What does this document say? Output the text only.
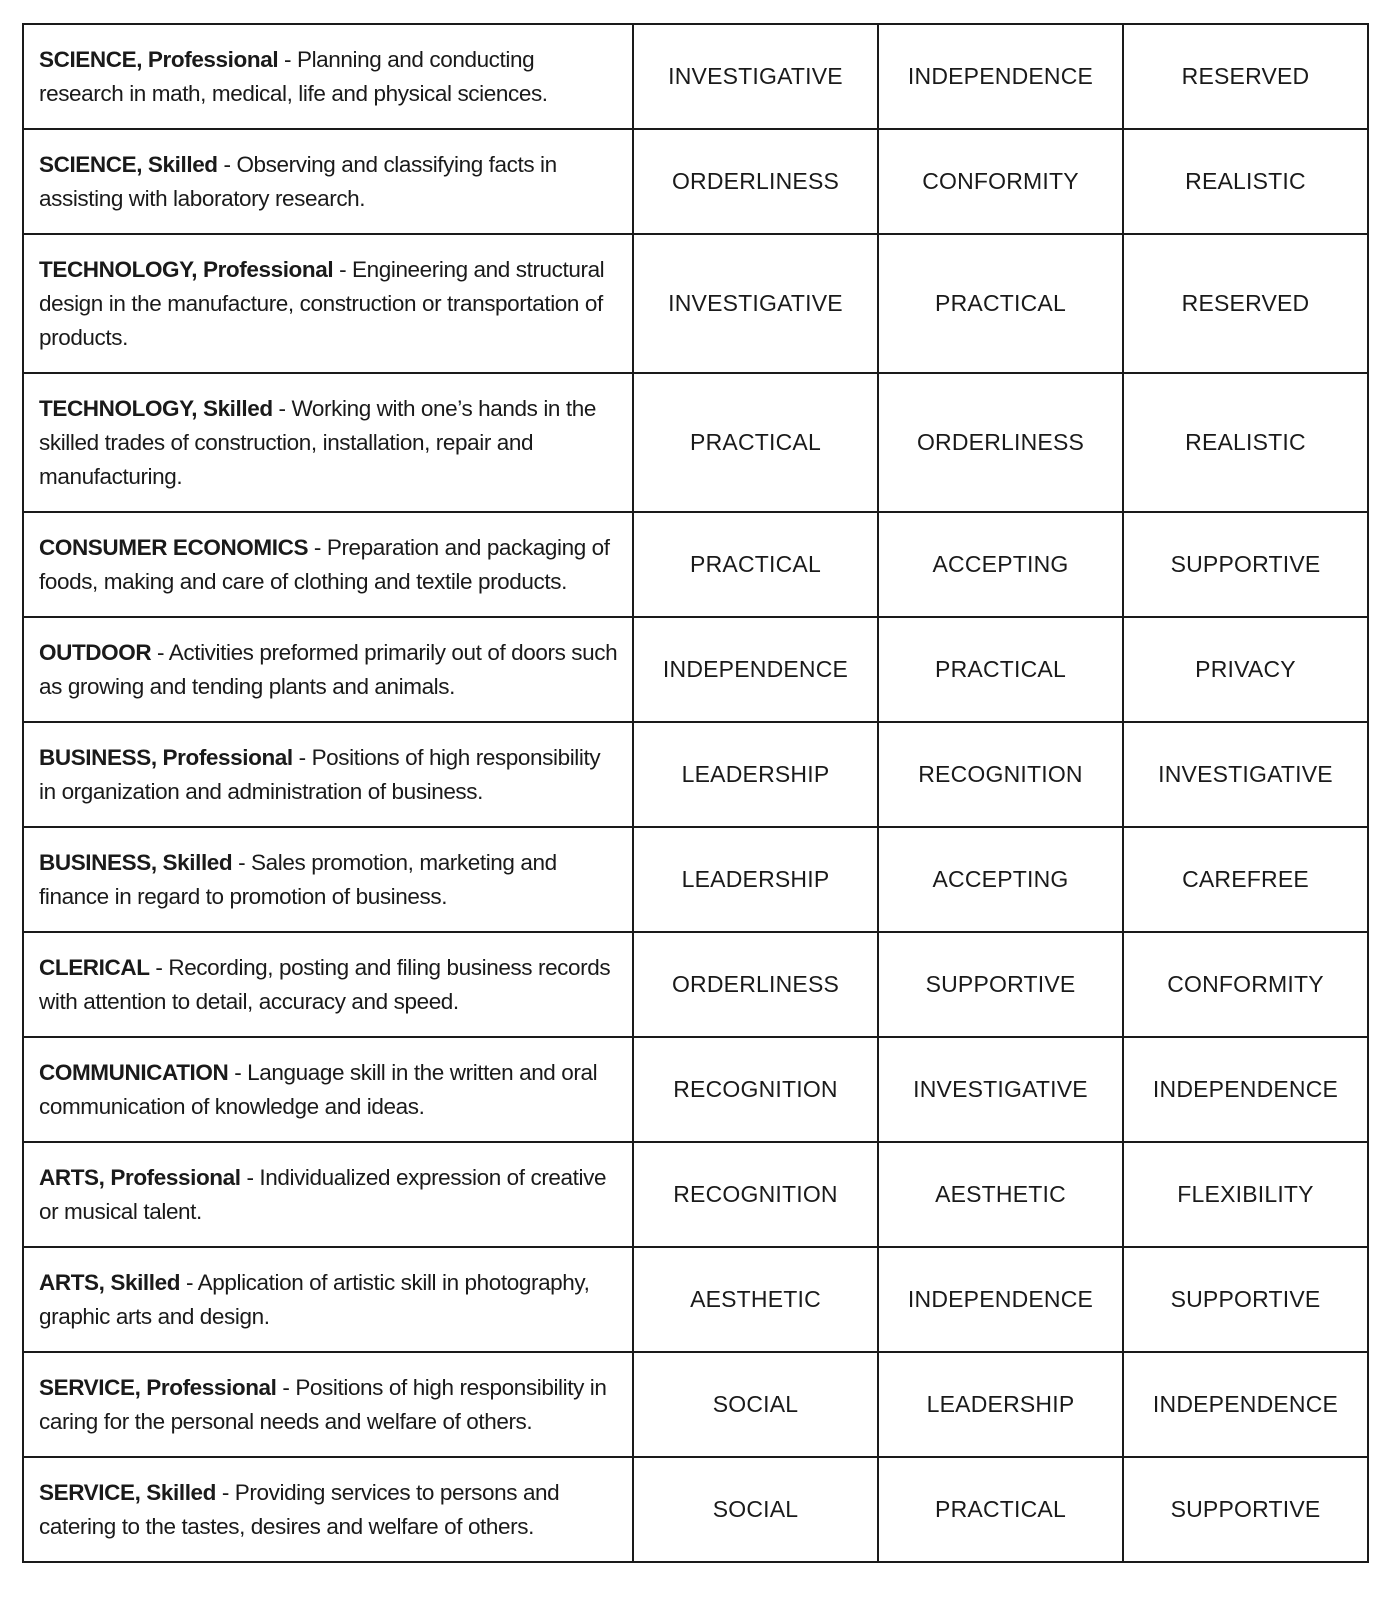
SCIENCE, Professional - Planning and conducting research in math, medical, life and physical sciences.	INVESTIGATIVE	INDEPENDENCE	RESERVED
SCIENCE, Skilled - Observing and classifying facts in assisting with laboratory research.	ORDERLINESS	CONFORMITY	REALISTIC
TECHNOLOGY, Professional - Engineering and structural design in the manufacture, construction or transportation of products.	INVESTIGATIVE	PRACTICAL	RESERVED
TECHNOLOGY, Skilled - Working with one’s hands in the skilled trades of construction, installation, repair and manufacturing.	PRACTICAL	ORDERLINESS	REALISTIC
CONSUMER ECONOMICS - Preparation and packaging of foods, making and care of clothing and textile products.	PRACTICAL	ACCEPTING	SUPPORTIVE
OUTDOOR - Activities preformed primarily out of doors such as growing and tending plants and animals.	INDEPENDENCE	PRACTICAL	PRIVACY
BUSINESS, Professional - Positions of high responsibility in organization and administration of business.	LEADERSHIP	RECOGNITION	INVESTIGATIVE
BUSINESS, Skilled - Sales promotion, marketing and finance in regard to promotion of business.	LEADERSHIP	ACCEPTING	CAREFREE
CLERICAL - Recording, posting and filing business records with attention to detail, accuracy and speed.	ORDERLINESS	SUPPORTIVE	CONFORMITY
COMMUNICATION - Language skill in the written and oral communication of knowledge and ideas.	RECOGNITION	INVESTIGATIVE	INDEPENDENCE
ARTS, Professional - Individualized expression of creative or musical talent.	RECOGNITION	AESTHETIC	FLEXIBILITY
ARTS, Skilled - Application of artistic skill in photography, graphic arts and design.	AESTHETIC	INDEPENDENCE	SUPPORTIVE
SERVICE, Professional - Positions of high responsibility in caring for the personal needs and welfare of others.	SOCIAL	LEADERSHIP	INDEPENDENCE
SERVICE, Skilled - Providing services to persons and catering to the tastes, desires and welfare of others.	SOCIAL	PRACTICAL	SUPPORTIVE
